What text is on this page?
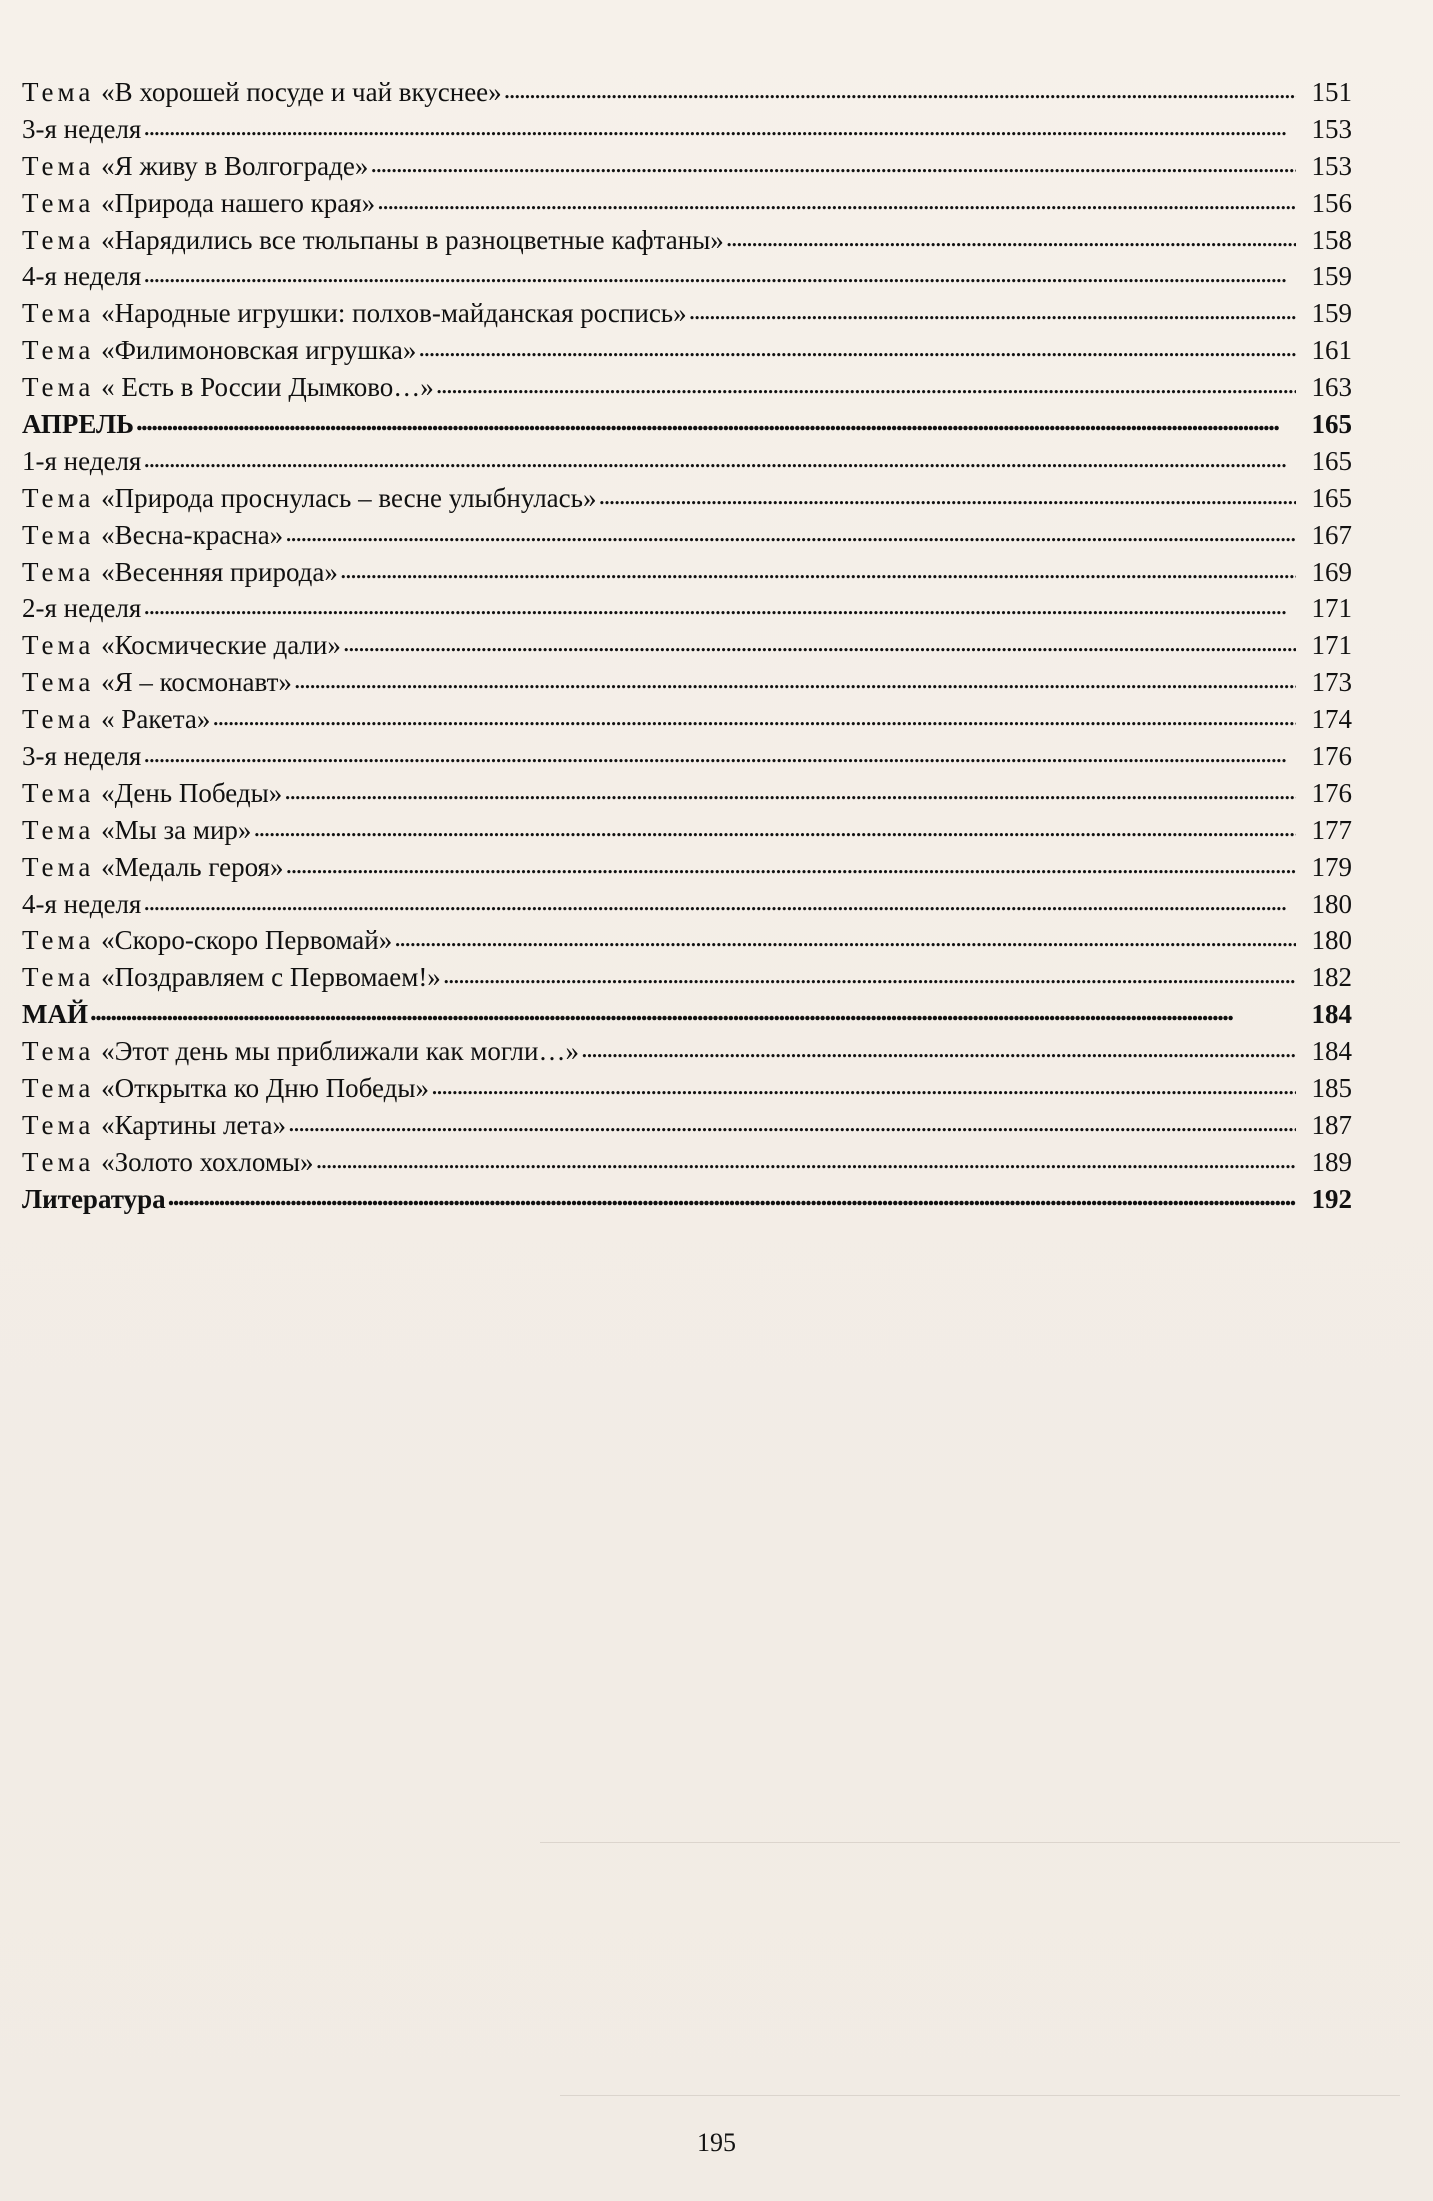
Тема «В хорошей посуде и чай вкуснее» . . .	151
3-я неделя . . .	153
Тема «Я живу в Волгограде» . . .	153
Тема «Природа нашего края» . . .	156
Тема «Нарядились все тюльпаны в разноцветные кафтаны» . . .	158
4-я неделя . . .	159
Тема «Народные игрушки: полхов-майданская роспись» . . .	159
Тема «Филимоновская игрушка» . . .	161
Тема « Есть в России Дымково…» . . .	163
АПРЕЛЬ . . .	165
1-я неделя . . .	165
Тема «Природа проснулась – весне улыбнулась» . . .	165
Тема «Весна-красна» . . .	167
Тема «Весенняя природа» . . .	169
2-я неделя . . .	171
Тема «Космические дали» . . .	171
Тема «Я – космонавт» . . .	173
Тема « Ракета» . . .	174
3-я неделя . . .	176
Тема «День Победы» . . .	176
Тема «Мы за мир» . . .	177
Тема «Медаль героя» . . .	179
4-я неделя . . .	180
Тема «Скоро-скоро Первомай» . . .	180
Тема «Поздравляем с Первомаем!» . . .	182
МАЙ . . .	184
Тема «Этот день мы приближали как могли…» . . .	184
Тема «Открытка ко Дню Победы» . . .	185
Тема «Картины лета» . . .	187
Тема «Золото хохломы» . . .	189
Литература . . .	192
195
